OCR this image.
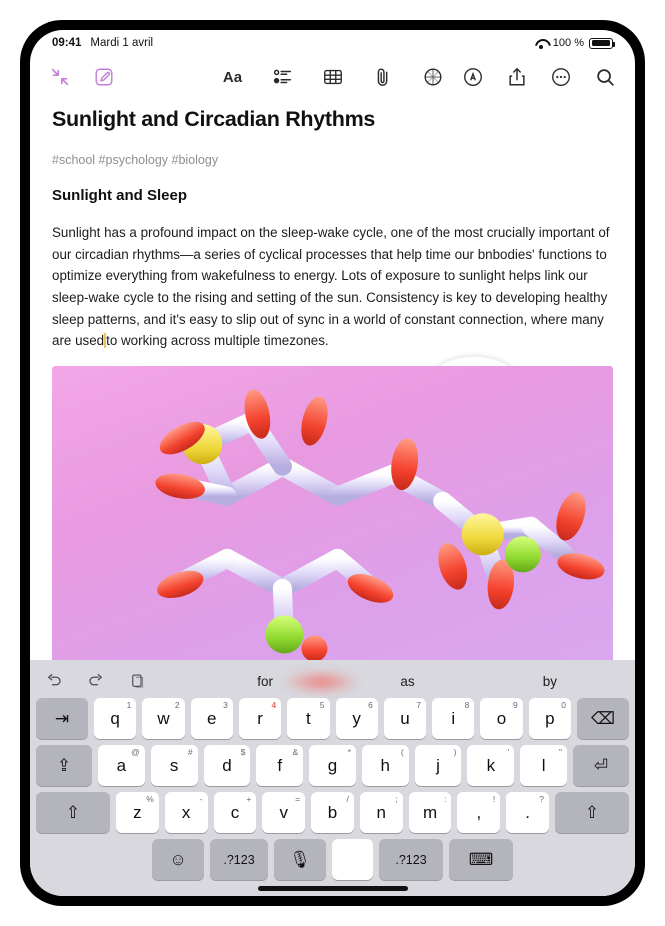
09:41 Mardi 1 avril	100 %
Aa
Sunlight and Circadian Rhythms
#school #psychology #biology
Sunlight and Sleep
Sunlight has a profound impact on the sleep-wake cycle, one of the most crucially important of our circadian rhythms—a series of cyclical processes that help time our bnbodies' functions to optimize everything from wakefulness to energy. Lots of exposure to sunlight helps link our sleep-wake cycle to the rising and setting of the sun. Consistency is key to developing healthy sleep patterns, and it's easy to slip out of sync in a world of constant connection, where many are used to working across multiple timezones.
for	as	by
⇥
1
q
2
w
3
e
4
r
5
t
6
y
7
u
8
i
9
o
0
p ⌫
⇪
@
a
#
s
$
d
&
f
*
g
(
h
)
j
'
k
"
l	⏎
⇧
%
z
-
x
+
c
=
v
/
b
;
n
:
m
!
,
?
.	⇧
☺	.?123 🎙	.?123 ⌨
